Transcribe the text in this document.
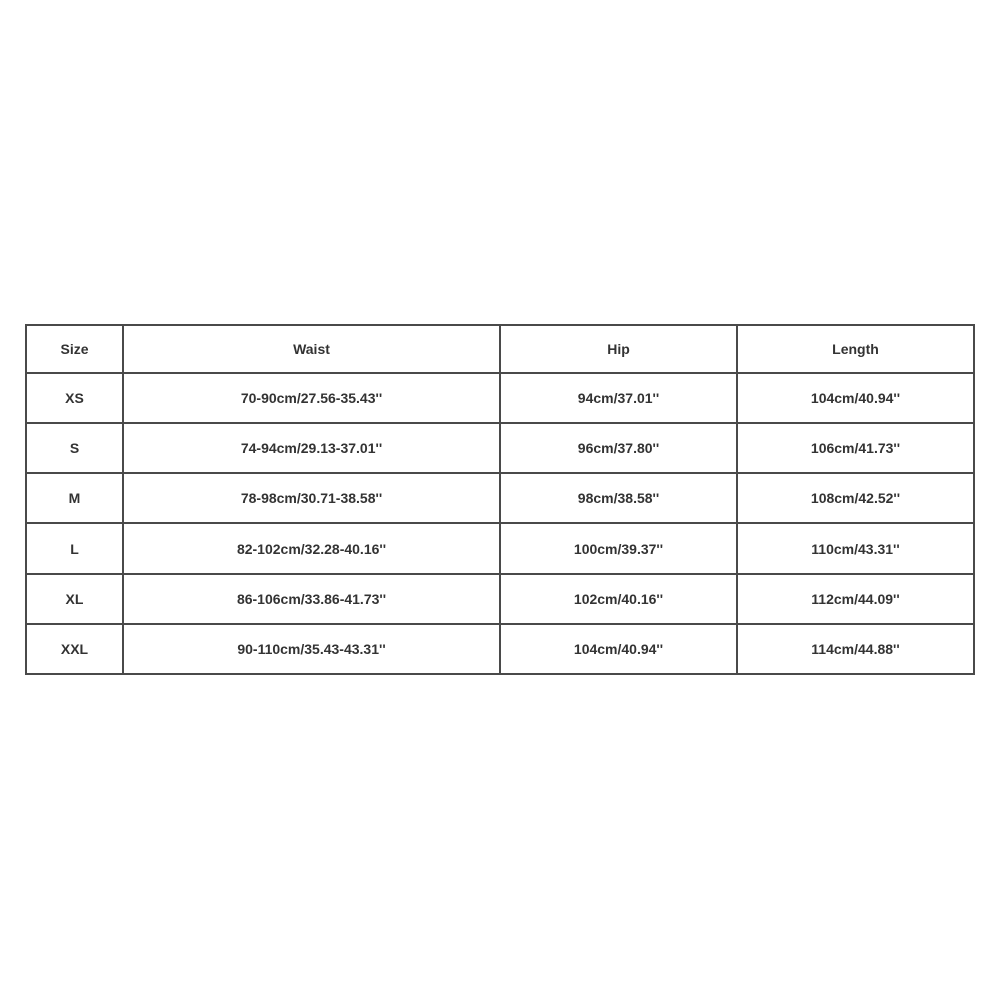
Size	Waist	Hip	Length
XS	70-90cm/27.56-35.43''	94cm/37.01''	104cm/40.94''
S	74-94cm/29.13-37.01''	96cm/37.80''	106cm/41.73''
M	78-98cm/30.71-38.58''	98cm/38.58''	108cm/42.52''
L	82-102cm/32.28-40.16''	100cm/39.37''	110cm/43.31''
XL	86-106cm/33.86-41.73''	102cm/40.16''	112cm/44.09''
XXL	90-110cm/35.43-43.31''	104cm/40.94''	114cm/44.88''
